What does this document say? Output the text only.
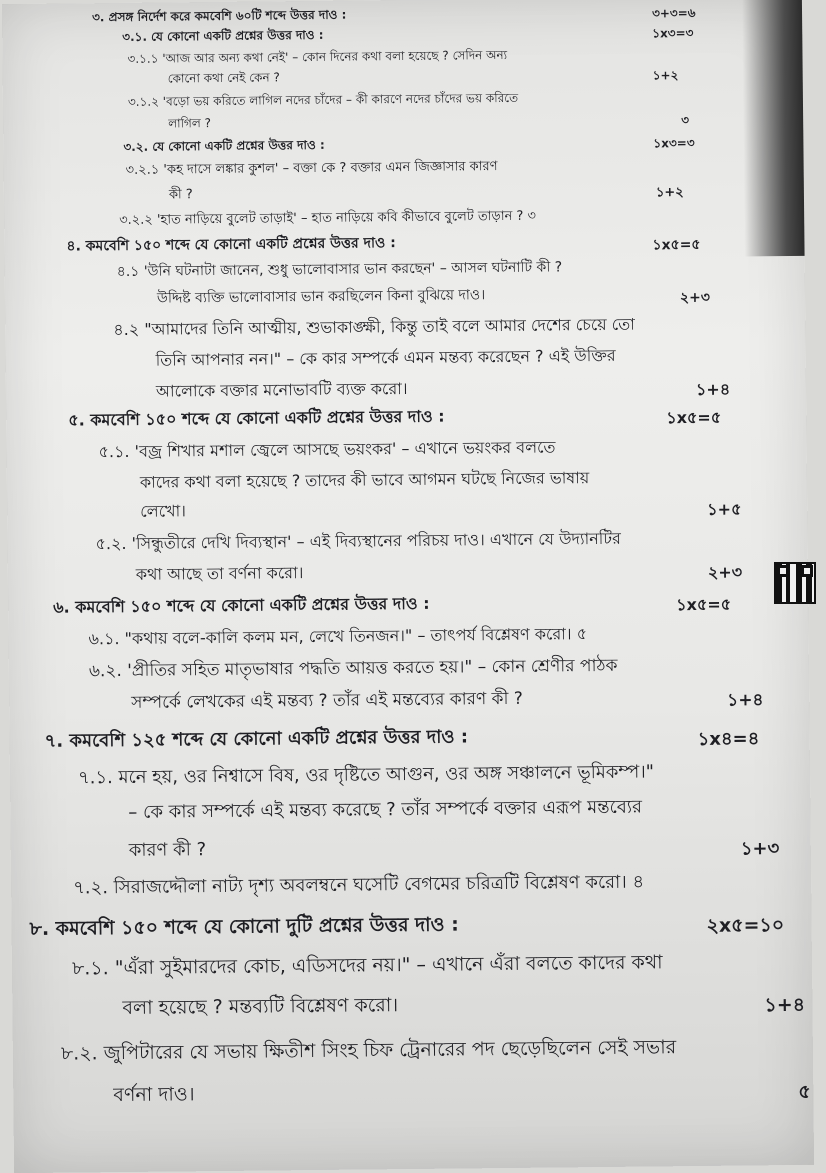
৩. প্রসঙ্গ নির্দেশ করে কমবেশি ৬০টি শব্দে উত্তর দাও :	৩+৩=৬
৩.১. যে কোনো একটি প্রশ্নের উত্তর দাও :	১x৩=৩
৩.১.১ 'আজ আর অন্য কথা নেই' – কোন দিনের কথা বলা হয়েছে ? সেদিন অন্য
কোনো কথা নেই কেন ?	১+২
৩.১.২ 'বড়ো ভয় করিতে লাগিল নদের চাঁদের – কী কারণে নদের চাঁদের ভয় করিতে
লাগিল ?	৩
৩.২. যে কোনো একটি প্রশ্নের উত্তর দাও :	১x৩=৩
৩.২.১ 'কহ দাসে লঙ্কার কুশল' – বক্তা কে ? বক্তার এমন জিজ্ঞাসার কারণ
কী ?	১+২
৩.২.২ 'হাত নাড়িয়ে বুলেট তাড়াই' – হাত নাড়িয়ে কবি কীভাবে বুলেট তাড়ান ? ৩
৪. কমবেশি ১৫০ শব্দে যে কোনো একটি প্রশ্নের উত্তর দাও :	১x৫=৫
৪.১ 'উনি ঘটনাটা জানেন, শুধু ভালোবাসার ভান করছেন' – আসল ঘটনাটি কী ?
উদ্দিষ্ট ব্যক্তি ভালোবাসার ভান করছিলেন কিনা বুঝিয়ে দাও।	২+৩
৪.২ "আমাদের তিনি আত্মীয়, শুভাকাঙ্ক্ষী, কিন্তু তাই বলে আমার দেশের চেয়ে তো
তিনি আপনার নন।" – কে কার সম্পর্কে এমন মন্তব্য করেছেন ? এই উক্তির
আলোকে বক্তার মনোভাবটি ব্যক্ত করো।	১+৪
৫. কমবেশি ১৫০ শব্দে যে কোনো একটি প্রশ্নের উত্তর দাও :	১x৫=৫
৫.১. 'বজ্র শিখার মশাল জ্বেলে আসছে ভয়ংকর' – এখানে ভয়ংকর বলতে
কাদের কথা বলা হয়েছে ? তাদের কী ভাবে আগমন ঘটছে নিজের ভাষায়
লেখো।	১+৫
৫.২. 'সিন্ধুতীরে দেখি দিব্যস্থান' – এই দিব্যস্থানের পরিচয় দাও। এখানে যে উদ্যানটির
কথা আছে তা বর্ণনা করো।	২+৩
৬. কমবেশি ১৫০ শব্দে যে কোনো একটি প্রশ্নের উত্তর দাও :	১x৫=৫
৬.১. "কথায় বলে-কালি কলম মন, লেখে তিনজন।" – তাৎপর্য বিশ্লেষণ করো। ৫
৬.২. 'প্রীতির সহিত মাতৃভাষার পদ্ধতি আয়ত্ত করতে হয়।" – কোন শ্রেণীর পাঠক
সম্পর্কে লেখকের এই মন্তব্য ? তাঁর এই মন্তব্যের কারণ কী ?	১+৪
৭. কমবেশি ১২৫ শব্দে যে কোনো একটি প্রশ্নের উত্তর দাও :	১x৪=৪
৭.১. মনে হয়, ওর নিশ্বাসে বিষ, ওর দৃষ্টিতে আগুন, ওর অঙ্গ সঞ্চালনে ভূমিকম্প।"
– কে কার সম্পর্কে এই মন্তব্য করেছে ? তাঁর সম্পর্কে বক্তার এরূপ মন্তব্যের
কারণ কী ?	১+৩
৭.২. সিরাজদ্দৌলা নাট্য দৃশ্য অবলম্বনে ঘসেটি বেগমের চরিত্রটি বিশ্লেষণ করো। ৪
৮. কমবেশি ১৫০ শব্দে যে কোনো দুটি প্রশ্নের উত্তর দাও :	২x৫=১০
৮.১. "এঁরা সুইমারদের কোচ, এডিসদের নয়।" – এখানে এঁরা বলতে কাদের কথা
বলা হয়েছে ? মন্তব্যটি বিশ্লেষণ করো।	১+৪
৮.২. জুপিটারের যে সভায় ক্ষিতীশ সিংহ চিফ ট্রেনারের পদ ছেড়েছিলেন সেই সভার
বর্ণনা দাও।	৫
